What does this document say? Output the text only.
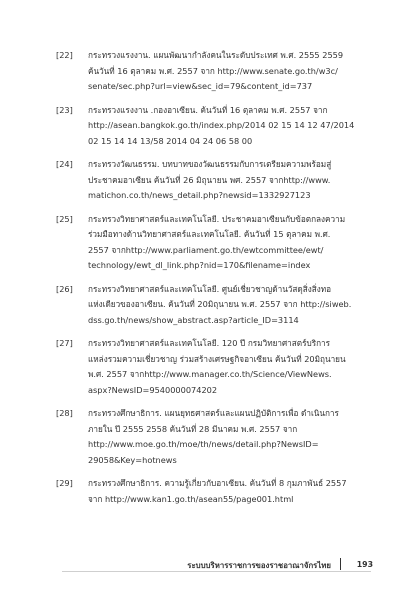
[22]	กระทรวงแรงงาน. แผนพัฒนากำลังคนในระดับประเทศ พ.ศ. 2555 2559
ค้นวันที่ 16 ตุลาคม พ.ศ. 2557 จาก http://www.senate.go.th/w3c/
senate/sec.php?url=view&sec_id=79&content_id=737
[23]	กระทรวงแรงงาน .กองอาเซียน. ค้นวันที่ 16 ตุลาคม พ.ศ. 2557 จาก
http://asean.bangkok.go.th/index.php/2014 02 15 14 12 47/2014
02 15 14 14 13/58 2014 04 24 06 58 00
[24]	กระทรวงวัฒนธรรม. บทบาทของวัฒนธรรมกับการเตรียมความพร้อมสู่
ประชาคมอาเซียน ค้นวันที่ 26 มิถุนายน พศ. 2557 จากhttp://www.
matichon.co.th/news_detail.php?newsid=1332927123
[25]	กระทรวงวิทยาศาสตร์และเทคโนโลยี. ประชาคมอาเซียนกับข้อตกลงความ
ร่วมมือทางด้านวิทยาศาสตร์และเทคโนโลยี. ค้นวันที่ 15 ตุลาคม พ.ศ.
2557 จากhttp://www.parliament.go.th/ewtcommittee/ewt/
technology/ewt_dl_link.php?nid=170&filename=index
[26]	กระทรวงวิทยาศาสตร์และเทคโนโลยี. ศูนย์เชี่ยวชาญด้านวัสดุสิ่งสิ่งทอ
แห่งเดียวของอาเซียน. ค้นวันที่ 20มิถุนายน พ.ศ. 2557 จาก http://siweb.
dss.go.th/news/show_abstract.asp?article_ID=3114
[27]	กระทรวงวิทยาศาสตร์และเทคโนโลยี. 120 ปี กรมวิทยาศาสตร์บริการ
แหล่งรวมความเชี่ยวชาญ ร่วมสร้างเศรษฐกิจอาเซียน ค้นวันที่ 20มิถุนายน
พ.ศ. 2557 จากhttp://www.manager.co.th/Science/ViewNews.
aspx?NewsID=9540000074202
[28]	กระทรวงศึกษาธิการ. แผนยุทธศาสตร์และแผนปฏิบัติการเพื่อ ดำเนินการ
ภายใน ปี 2555 2558 ค้นวันที่ 28 มีนาคม พ.ศ. 2557 จาก
http://www.moe.go.th/moe/th/news/detail.php?NewsID=
29058&Key=hotnews
[29]	กระทรวงศึกษาธิการ. ความรู้เกี่ยวกับอาเซียน. ค้นวันที่ 8 กุมภาพันธ์ 2557
จาก http://www.kan1.go.th/asean55/page001.html
ระบบบริหารราชการของราชอาณาจักรไทย	193
